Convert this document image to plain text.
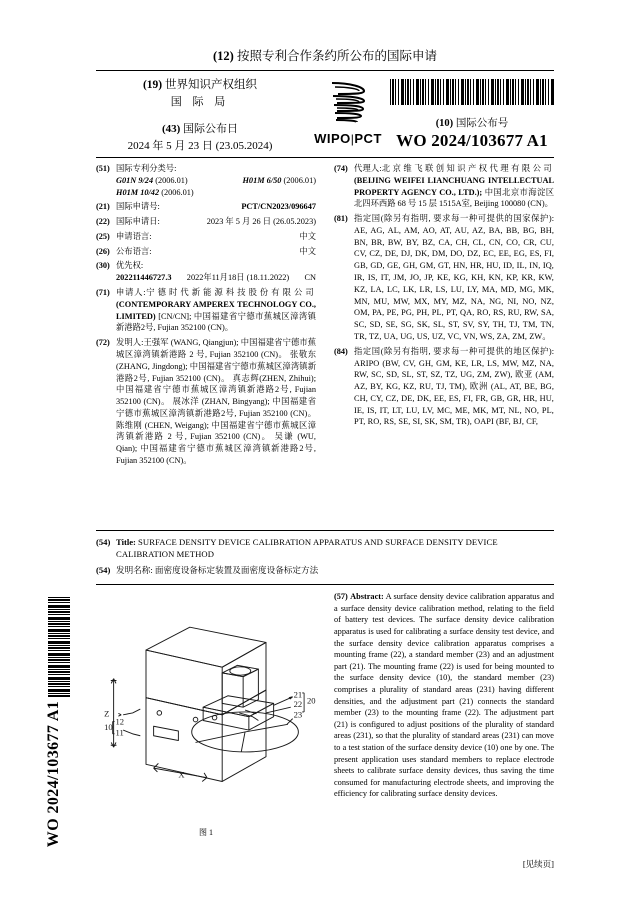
WO 2024/103677 A1
(12) 按照专利合作条约所公布的国际申请
(19) 世界知识产权组织
国 际 局
(43) 国际公布日
2024 年 5 月 23 日 (23.05.2024)	WIPO|PCT
(10) 国际公布号
WO 2024/103677 A1
(51) 国际专利分类号:
G01N 9/24 (2006.01)	H01M 6/50 (2006.01)
H01M 10/42 (2006.01)
(21) 国际申请号:	PCT/CN2023/096647
(22) 国际申请日:	2023 年 5 月 26 日 (26.05.2023)
(25) 申请语言:	中文
(26) 公布语言:	中文
(30) 优先权:
202211446727.3 2022年11月18日 (18.11.2022) CN
(71) 申请人:宁德时代新能源科技股份有限公司 (CONTEMPORARY AMPEREX TECHNOLOGY CO., LIMITED) [CN/CN]; 中国福建省宁德市蕉城区漳湾镇新港路2号, Fujian 352100 (CN)。
(72) 发明人:王强军 (WANG, Qiangjun); 中国福建省宁德市蕉城区漳湾镇新港路 2 号, Fujian 352100 (CN)。 张敬东 (ZHANG, Jingdong); 中国福建省宁德市蕉城区漳湾镇新港路2号, Fujian 352100 (CN)。 真志辉(ZHEN, Zhihui); 中国福建省宁德市蕉城区漳湾镇新港路2号, Fujian 352100 (CN)。 展冰洋 (ZHAN, Bingyang); 中国福建省宁德市蕉城区漳湾镇新港路2号, Fujian 352100 (CN)。 陈维刚 (CHEN, Weigang); 中国福建省宁德市蕉城区漳湾镇新港路 2 号, Fujian 352100 (CN)。 吴谦 (WU, Qian); 中国福建省宁德市蕉城区漳湾镇新港路2号, Fujian 352100 (CN)。
(74) 代理人:北京维飞联创知识产权代理有限公司 (BEIJING WEIFEI LIANCHUANG INTELLECTUAL PROPERTY AGENCY CO., LTD.); 中国北京市海淀区北四环西路 68 号 15 层 1515A室, Beijing 100080 (CN)。
(81) 指定国(除另有指明, 要求每一种可提供的国家保护): AE, AG, AL, AM, AO, AT, AU, AZ, BA, BB, BG, BH, BN, BR, BW, BY, BZ, CA, CH, CL, CN, CO, CR, CU, CV, CZ, DE, DJ, DK, DM, DO, DZ, EC, EE, EG, ES, FI, GB, GD, GE, GH, GM, GT, HN, HR, HU, ID, IL, IN, IQ, IR, IS, IT, JM, JO, JP, KE, KG, KH, KN, KP, KR, KW, KZ, LA, LC, LK, LR, LS, LU, LY, MA, MD, MG, MK, MN, MU, MW, MX, MY, MZ, NA, NG, NI, NO, NZ, OM, PA, PE, PG, PH, PL, PT, QA, RO, RS, RU, RW, SA, SC, SD, SE, SG, SK, SL, ST, SV, SY, TH, TJ, TM, TN, TR, TZ, UA, UG, US, UZ, VC, VN, WS, ZA, ZM, ZW。
(84) 指定国(除另有指明, 要求每一种可提供的地区保护): ARIPO (BW, CV, GH, GM, KE, LR, LS, MW, MZ, NA, RW, SC, SD, SL, ST, SZ, TZ, UG, ZM, ZW), 欧亚 (AM, AZ, BY, KG, KZ, RU, TJ, TM), 欧洲 (AL, AT, BE, BG, CH, CY, CZ, DE, DK, EE, ES, FI, FR, GB, GR, HR, HU, IE, IS, IT, LT, LU, LV, MC, ME, MK, MT, NL, NO, PL, PT, RO, RS, SE, SI, SK, SM, TR), OAPI (BF, BJ, CF,
(54) Title: SURFACE DENSITY DEVICE CALIBRATION APPARATUS AND SURFACE DENSITY DEVICE CALIBRATION METHOD
(54) 发明名称: 面密度设备标定装置及面密度设备标定方法
Z
X
10
12
11
21
22
23
20
图 1
(57) Abstract: A surface density device calibration apparatus and a surface density device calibration method, relating to the field of battery test devices. The surface density device calibration apparatus is used for calibrating a surface density test device, and the surface density device calibration apparatus comprises a mounting frame (22), a standard member (23) and an adjustment part (21). The mounting frame (22) is used for being mounted to the surface density device (10), the standard member (23) comprises a plurality of standard areas (231) having different densities, and the adjustment part (21) connects the standard member (23) to the mounting frame (22). The adjustment part (21) is configured to adjust positions of the plurality of standard areas (231), so that the plurality of standard areas (231) can move to a test station of the surface density device (10) one by one. The present application uses standard members to replace electrode sheets to calibrate surface density devices, thus saving the time consumed for manufacturing electrode sheets, and improving the efficiency for calibrating surface density devices.
[见续页]
